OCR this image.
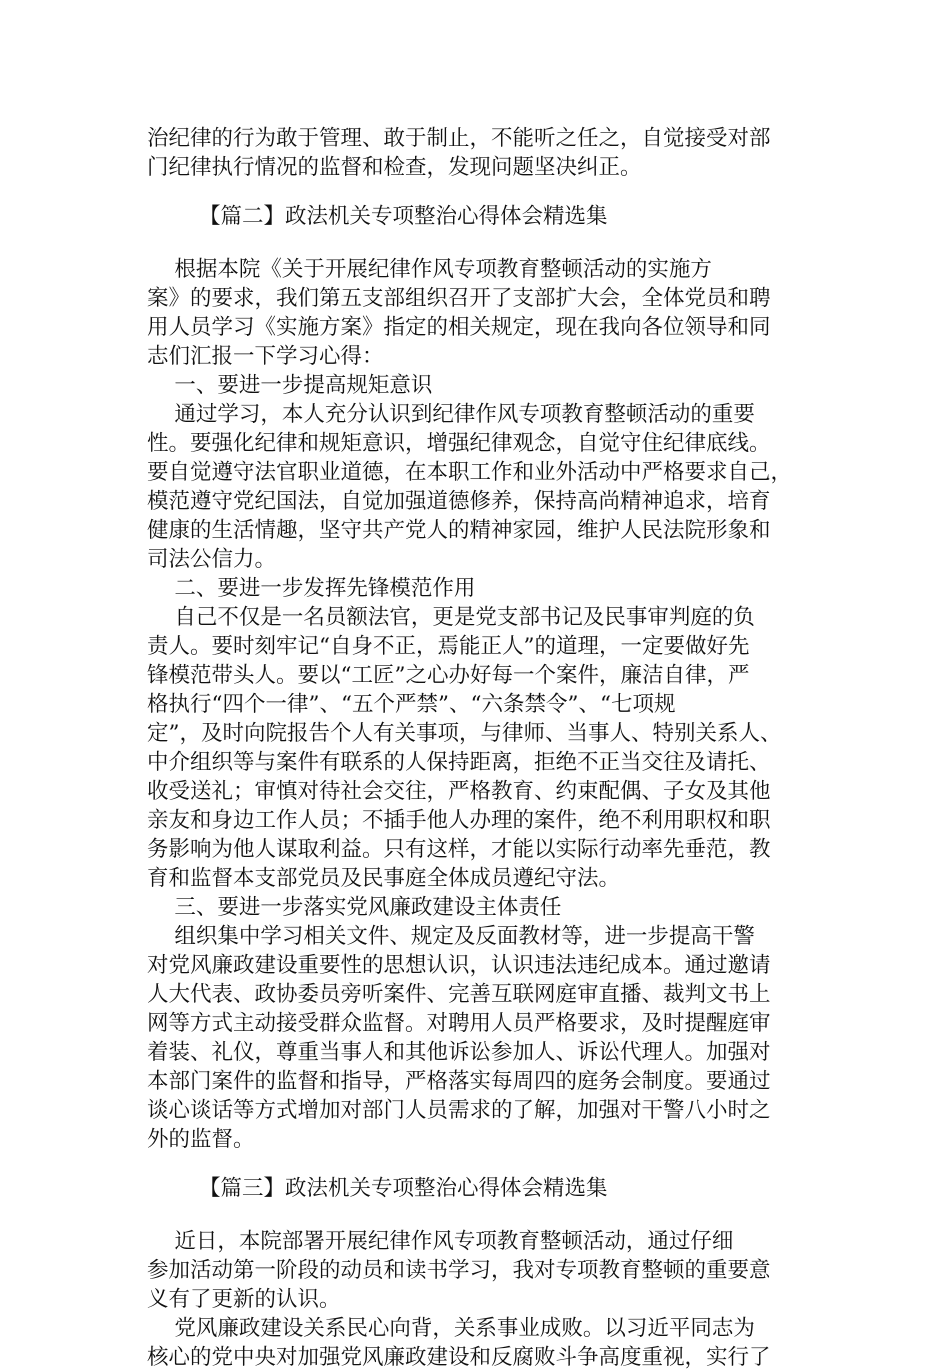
治纪律的行为敢于管理、敢于制止，不能听之任之，自觉接受对部
门纪律执行情况的监督和检查，发现问题坚决纠正。
【篇二】政法机关专项整治心得体会精选集
根据本院《关于开展纪律作风专项教育整顿活动的实施方
案》的要求，我们第五支部组织召开了支部扩大会，全体党员和聘
用人员学习《实施方案》指定的相关规定，现在我向各位领导和同
志们汇报一下学习心得：
一、要进一步提高规矩意识
通过学习，本人充分认识到纪律作风专项教育整顿活动的重要
性。要强化纪律和规矩意识，增强纪律观念，自觉守住纪律底线。
要自觉遵守法官职业道德，在本职工作和业外活动中严格要求自己，
模范遵守党纪国法，自觉加强道德修养，保持高尚精神追求，培育
健康的生活情趣，坚守共产党人的精神家园，维护人民法院形象和
司法公信力。
二、要进一步发挥先锋模范作用
自己不仅是一名员额法官，更是党支部书记及民事审判庭的负
责人。要时刻牢记“自身不正，焉能正人”的道理，一定要做好先
锋模范带头人。要以“工匠”之心办好每一个案件，廉洁自律，严
格执行“四个一律”、“五个严禁”、“六条禁令”、“七项规
定”，及时向院报告个人有关事项，与律师、当事人、特别关系人、
中介组织等与案件有联系的人保持距离，拒绝不正当交往及请托、
收受送礼；审慎对待社会交往，严格教育、约束配偶、子女及其他
亲友和身边工作人员；不插手他人办理的案件，绝不利用职权和职
务影响为他人谋取利益。只有这样，才能以实际行动率先垂范，教
育和监督本支部党员及民事庭全体成员遵纪守法。
三、要进一步落实党风廉政建设主体责任
组织集中学习相关文件、规定及反面教材等，进一步提高干警
对党风廉政建设重要性的思想认识，认识违法违纪成本。通过邀请
人大代表、政协委员旁听案件、完善互联网庭审直播、裁判文书上
网等方式主动接受群众监督。对聘用人员严格要求，及时提醒庭审
着装、礼仪，尊重当事人和其他诉讼参加人、诉讼代理人。加强对
本部门案件的监督和指导，严格落实每周四的庭务会制度。要通过
谈心谈话等方式增加对部门人员需求的了解，加强对干警八小时之
外的监督。
【篇三】政法机关专项整治心得体会精选集
近日，本院部署开展纪律作风专项教育整顿活动，通过仔细
参加活动第一阶段的动员和读书学习，我对专项教育整顿的重要意
义有了更新的认识。
党风廉政建设关系民心向背，关系事业成败。以习近平同志为
核心的党中央对加强党风廉政建设和反腐败斗争高度重视，实行了
